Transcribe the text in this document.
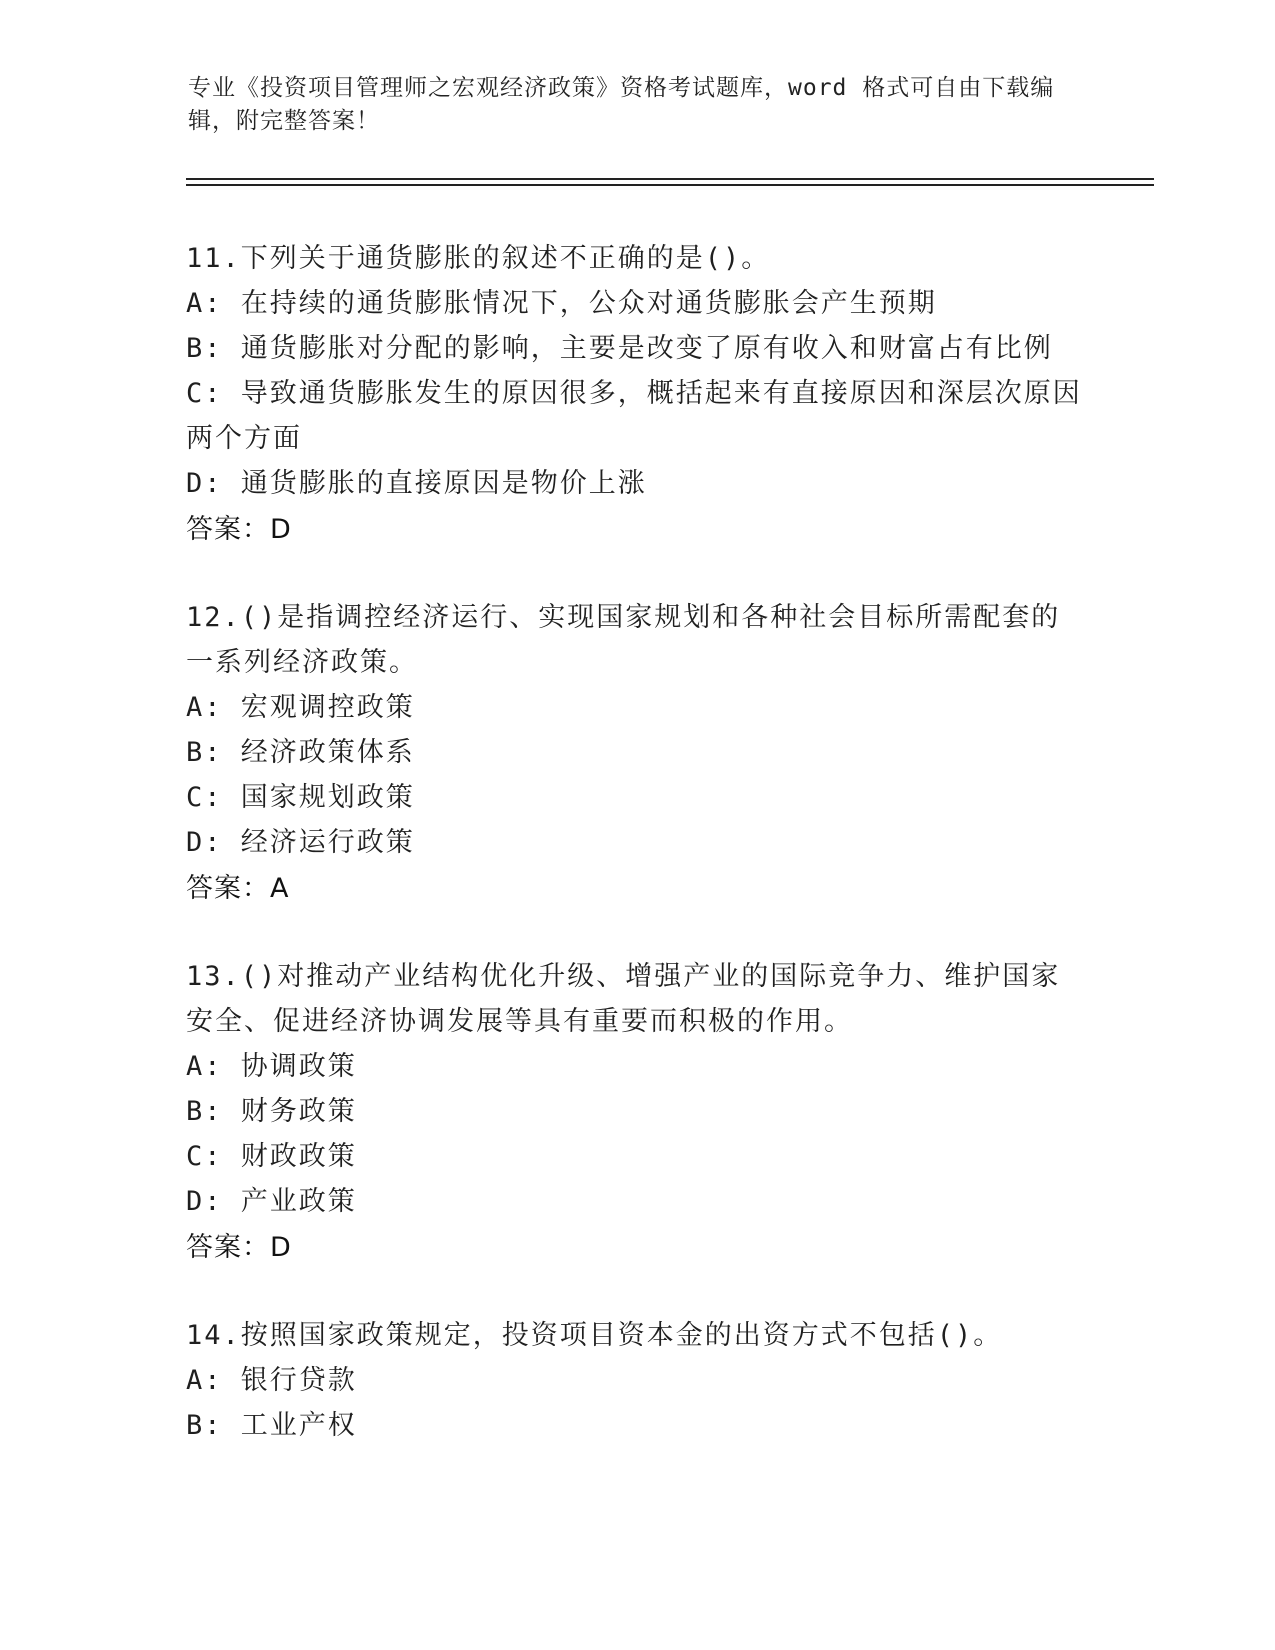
专业《投资项目管理师之宏观经济政策》资格考试题库，word 格式可自由下载编辑，附完整答案！

11.下列关于通货膨胀的叙述不正确的是()。

A: 在持续的通货膨胀情况下，公众对通货膨胀会产生预期

B: 通货膨胀对分配的影响，主要是改变了原有收入和财富占有比例

C: 导致通货膨胀发生的原因很多，概括起来有直接原因和深层次原因两个方面

D: 通货膨胀的直接原因是物价上涨

答案：D

12.()是指调控经济运行、实现国家规划和各种社会目标所需配套的一系列经济政策。

A: 宏观调控政策

B: 经济政策体系

C: 国家规划政策

D: 经济运行政策

答案：A

13.()对推动产业结构优化升级、增强产业的国际竞争力、维护国家安全、促进经济协调发展等具有重要而积极的作用。

A: 协调政策

B: 财务政策

C: 财政政策

D: 产业政策

答案：D

14.按照国家政策规定，投资项目资本金的出资方式不包括()。

A: 银行贷款

B: 工业产权
